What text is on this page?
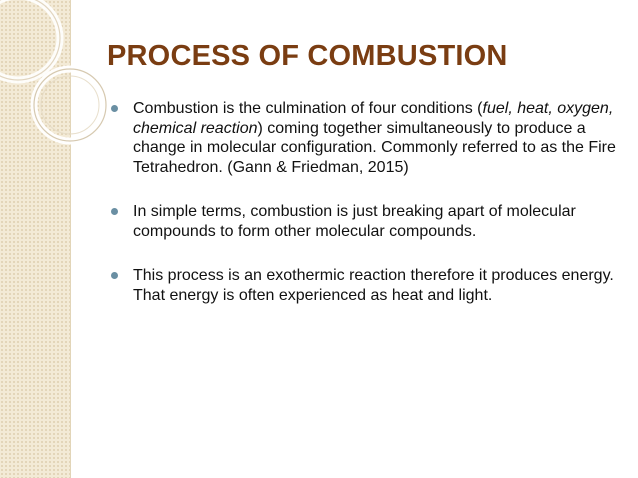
PROCESS OF COMBUSTION
Combustion is the culmination of four conditions (fuel, heat, oxygen, chemical reaction) coming together simultaneously to produce a change in molecular configuration. Commonly referred to as the Fire Tetrahedron. (Gann & Friedman, 2015)
In simple terms, combustion is just breaking apart of molecular compounds to form other molecular compounds.
This process is an exothermic reaction therefore it produces energy. That energy is often experienced as heat and light.
